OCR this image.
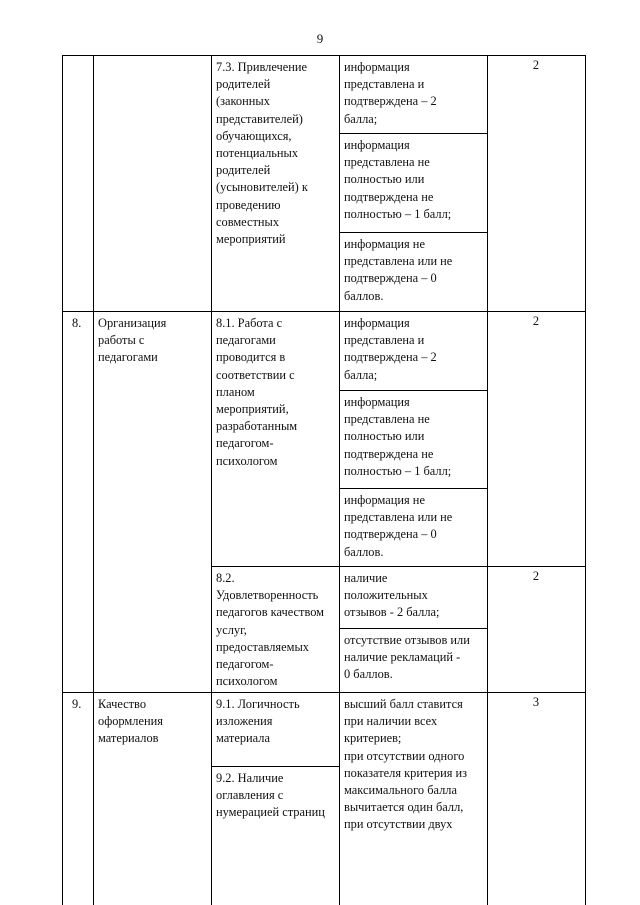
9
7.3. Привлечение
родителей
(законных
представителей)
обучающихся,
потенциальных
родителей
(усыновителей) к
проведению
совместных
мероприятий
информация
представлена и
подтверждена – 2
балла;
информация
представлена не
полностью или
подтверждена не
полностью – 1 балл;
информация не
представлена или не
подтверждена – 0
баллов.
2
8. Организация
работы с
педагогами
8.1. Работа с
педагогами
проводится в
соответствии с
планом
мероприятий,
разработанным
педагогом-
психологом
информация
представлена и
подтверждена – 2
балла;
информация
представлена не
полностью или
подтверждена не
полностью – 1 балл;
информация не
представлена или не
подтверждена – 0
баллов.
2
8.2.
Удовлетворенность
педагогов качеством
услуг,
предоставляемых
педагогом-
психологом
наличие
положительных
отзывов - 2 балла;
отсутствие отзывов или
наличие рекламаций -
0 баллов.
2
9. Качество
оформления
материалов
9.1. Логичность
изложения
материала
9.2. Наличие
оглавления с
нумерацией страниц
высший балл ставится
при наличии всех
критериев;
при отсутствии одного
показателя критерия из
максимального балла
вычитается один балл,
при отсутствии двух
3
